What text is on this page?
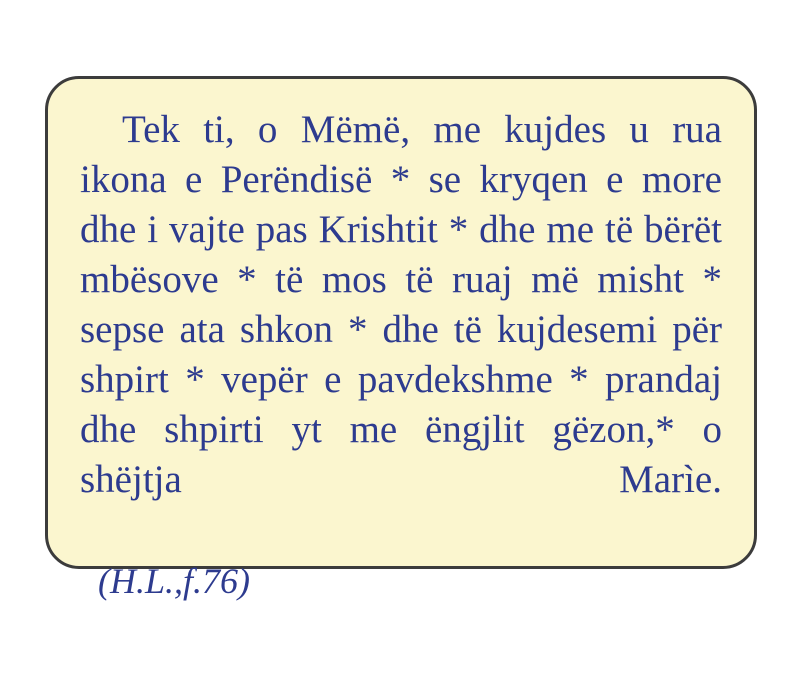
Tek ti, o Mëmë, me kujdes u rua ikona e Perëndisë * se kryqen e more dhe i vajte pas Krishtit * dhe me të bërët mbësove * të mos të ruaj më misht * sepse ata shkon * dhe të kujdesemi për shpirt * vepër e pavdekshme * prandaj dhe shpirti yt me ëngjlit gëzon,* o shëjtja Marìe.

(H.L.,f.76)
